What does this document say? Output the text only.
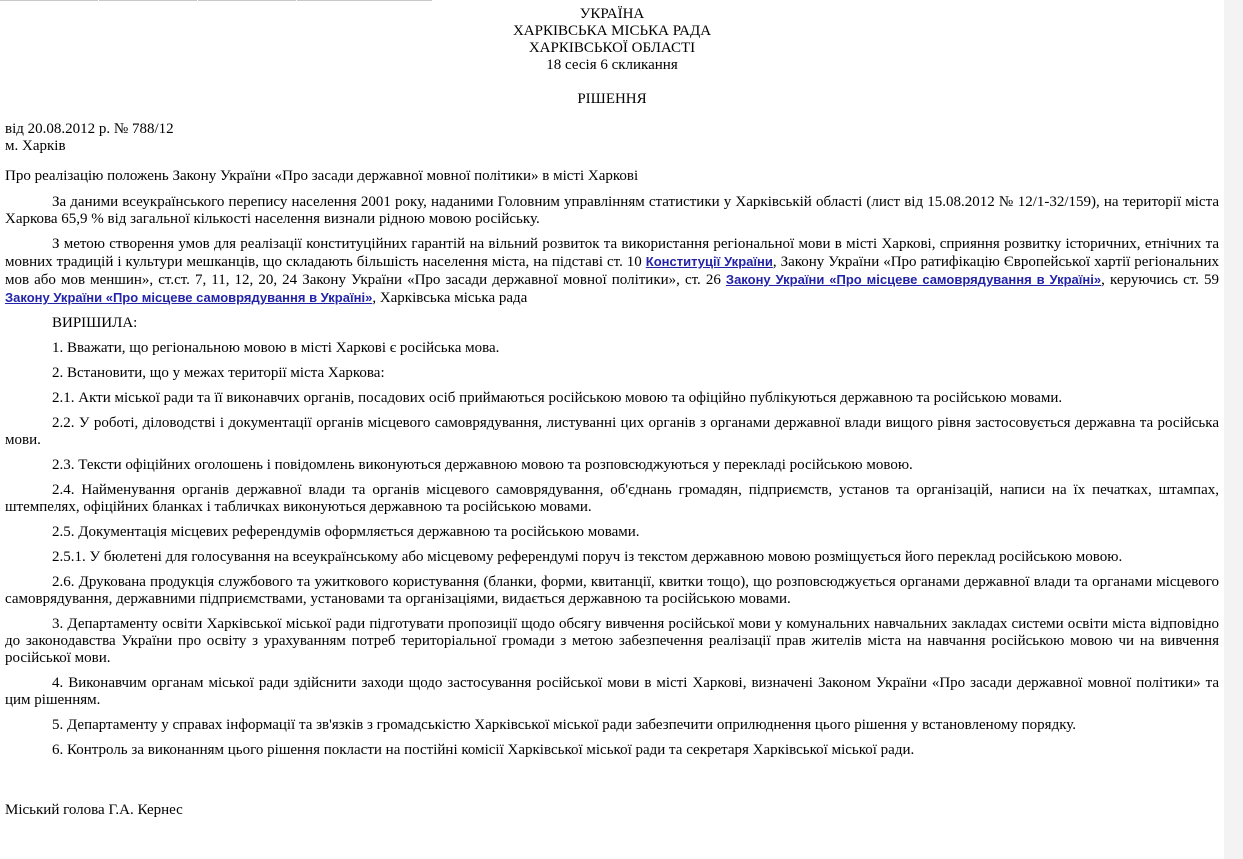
УКРАЇНА
ХАРКІВСЬКА МІСЬКА РАДА
ХАРКІВСЬКОЇ ОБЛАСТІ
18 сесія 6 скликання
РІШЕННЯ
від 20.08.2012 р. № 788/12
м. Харків
Про реалізацію положень Закону України «Про засади державної мовної політики» в місті Харкові

За даними всеукраїнського перепису населення 2001 року, наданими Головним управлінням статистики у Харківській області (лист від 15.08.2012 № 12/1-32/159), на території міста Харкова 65,9 % від загальної кількості населення визнали рідною мовою російську.

З метою створення умов для реалізації конституційних гарантій на вільний розвиток та використання регіональної мови в місті Харкові, сприяння розвитку історичних, етнічних та мовних традицій і культури мешканців, що складають більшість населення міста, на підставі ст. 10 Конституції України, Закону України «Про ратифікацію Європейської хартії регіональних мов або мов меншин», ст.ст. 7, 11, 12, 20, 24 Закону України «Про засади державної мовної політики», ст. 26 Закону України «Про місцеве самоврядування в Україні», керуючись ст. 59 Закону України «Про місцеве самоврядування в Україні», Харківська міська рада

ВИРІШИЛА:

1. Вважати, що регіональною мовою в місті Харкові є російська мова.

2. Встановити, що у межах території міста Харкова:

2.1. Акти міської ради та її виконавчих органів, посадових осіб приймаються російською мовою та офіційно публікуються державною та російською мовами.

2.2. У роботі, діловодстві і документації органів місцевого самоврядування, листуванні цих органів з органами державної влади вищого рівня застосовується державна та російська мови.

2.3. Тексти офіційних оголошень і повідомлень виконуються державною мовою та розповсюджуються у перекладі російською мовою.

2.4. Найменування органів державної влади та органів місцевого самоврядування, об'єднань громадян, підприємств, установ та організацій, написи на їх печатках, штампах, штемпелях, офіційних бланках і табличках виконуються державною та російською мовами.

2.5. Документація місцевих референдумів оформляється державною та російською мовами.

2.5.1. У бюлетені для голосування на всеукраїнському або місцевому референдумі поруч із текстом державною мовою розміщується його переклад російською мовою.

2.6. Друкована продукція службового та ужиткового користування (бланки, форми, квитанції, квитки тощо), що розповсюджується органами державної влади та органами місцевого самоврядування, державними підприємствами, установами та організаціями, видається державною та російською мовами.

3. Департаменту освіти Харківської міської ради підготувати пропозиції щодо обсягу вивчення російської мови у комунальних навчальних закладах системи освіти міста відповідно до законодавства України про освіту з урахуванням потреб територіальної громади з метою забезпечення реалізації прав жителів міста на навчання російською мовою чи на вивчення російської мови.

4. Виконавчим органам міської ради здійснити заходи щодо застосування російської мови в місті Харкові, визначені Законом України «Про засади державної мовної політики» та цим рішенням.

5. Департаменту у справах інформації та зв'язків з громадськістю Харківської міської ради забезпечити оприлюднення цього рішення у встановленому порядку.

6. Контроль за виконанням цього рішення покласти на постійні комісії Харківської міської ради та секретаря Харківської міської ради.

Міський голова Г.А. Кернес
